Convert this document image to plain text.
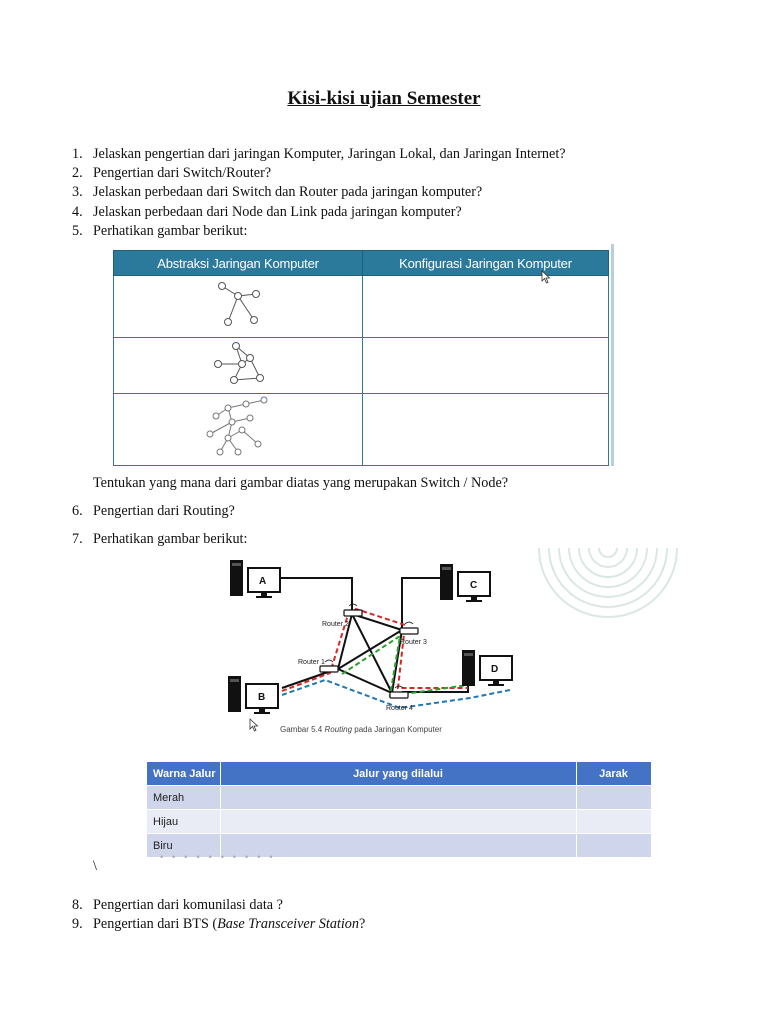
Kisi-kisi ujian Semester
1. Jelaskan pengertian dari jaringan Komputer, Jaringan Lokal, dan Jaringan Internet?
2. Pengertian dari Switch/Router?
3. Jelaskan perbedaan dari Switch dan Router pada jaringan komputer?
4. Jelaskan perbedaan dari Node dan Link pada jaringan komputer?
5. Perhatikan gambar berikut:
Abstraksi Jaringan Komputer	Konfigurasi Jaringan Komputer

Tentukan yang mana dari gambar diatas yang merupakan Switch / Node?
6. Pengertian dari Routing?
7. Perhatikan gambar berikut:
Router 2
Router 3
Router 1
Router 4
A
B
C
D
Gambar 5.4 Routing pada Jaringan Komputer
Warna Jalur	Jalur yang dilalui	Jarak
Merah		
Hijau		
Biru		
••••••••••
\
8. Pengertian dari komunilasi data ?
9. Pengertian dari BTS (Base Transceiver Station?
